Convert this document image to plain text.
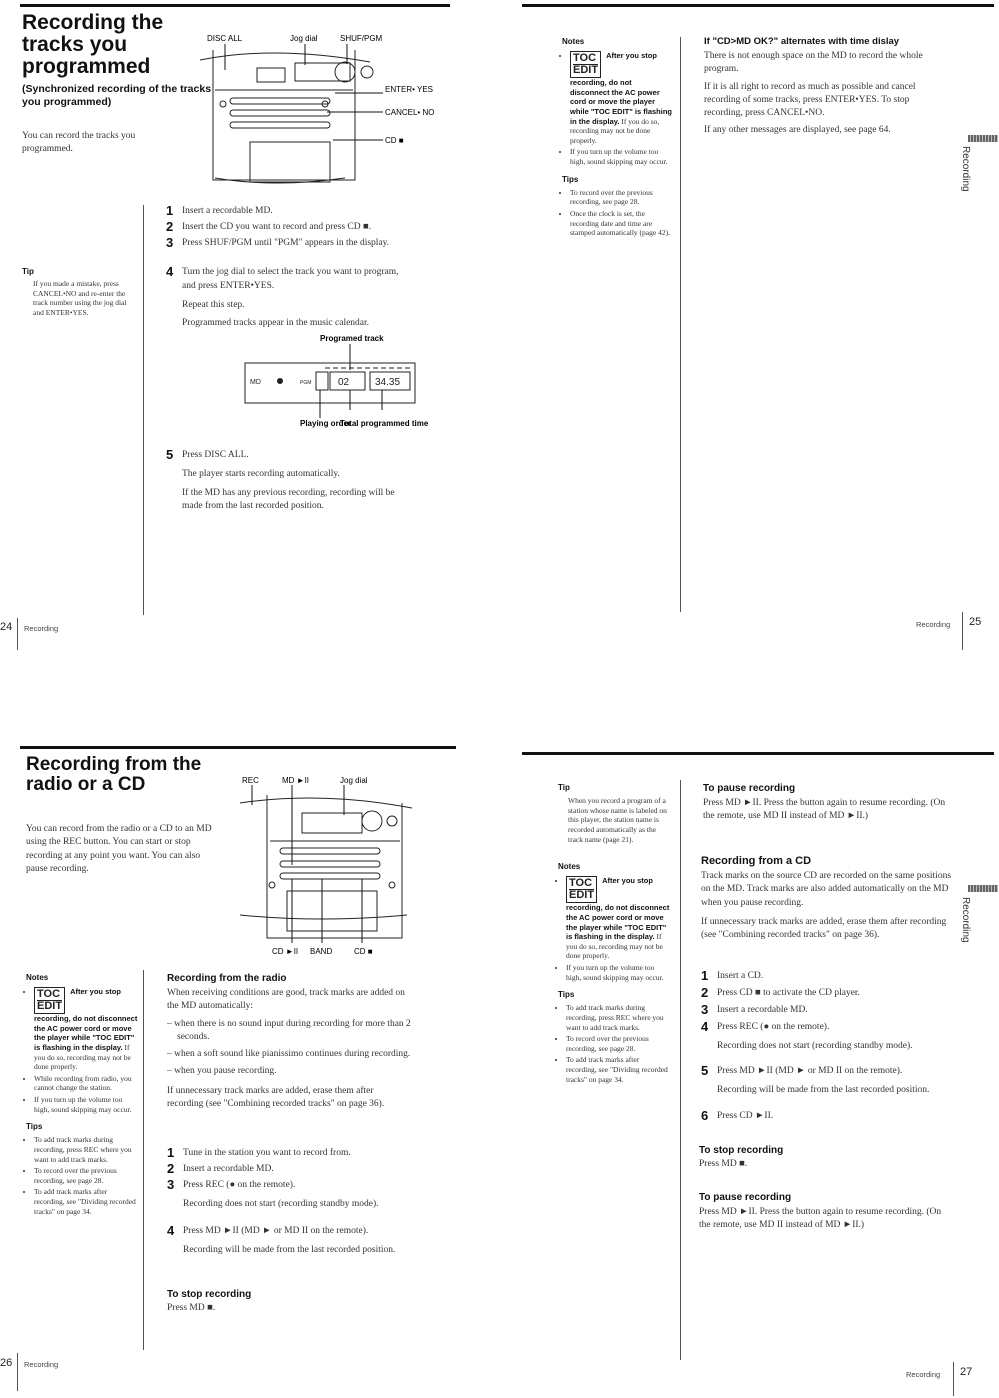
Recording the tracks you programmed
(Synchronized recording of the tracks you programmed)
You can record the tracks you programmed.
DISC ALL	Jog dial	SHUF/PGM
ENTER• YES
CANCEL• NO
CD ■
Tip
If you made a mistake, press CANCEL•NO and re-enter the track number using the jog dial and ENTER•YES.
1 Insert a recordable MD.

2 Insert the CD you want to record and press CD ■.

3 Press SHUF/PGM until "PGM" appears in the display.

4 Turn the jog dial to select the track you want to program, and press ENTER•YES.

Repeat this step.

Programmed tracks appear in the music calendar.

Programed track
MD	PGM	02	34.35
Playing order
Total programmed time
5 Press DISC ALL.

The player starts recording automatically.

If the MD has any previous recording, recording will be made from the last recorded position.

24 Recording
Notes
• TOC
EDIT
After you stop recording, do not disconnect the AC power cord or move the player while "TOC EDIT" is flashing in the display. If you do so, recording may not be done properly.
• If you turn up the volume too high, sound skipping may occur.
Tips
• To record over the previous recording, see page 28.
• Once the clock is set, the recording date and time are stamped automatically (page 42).
If "CD>MD OK?" alternates with time dislay
There is not enough space on the MD to record the whole program.
If it is all right to record as much as possible and cancel recording of some tracks, press ENTER•YES. To stop recording, press CANCEL•NO.
If any other messages are displayed, see page 64.
Recording
Recording 25
Recording from the radio or a CD
You can record from the radio or a CD to an MD using the REC button. You can start or stop recording at any point you want. You can also pause recording.
REC	MD ►II	Jog dial
CD ►II BAND	CD ■
Notes
• TOC
EDIT
After you stop recording, do not disconnect the AC power cord or move the player while "TOC EDIT" is flashing in the display. If you do so, recording may not be done properly.
• While recording from radio, you cannot change the station.
• If you turn up the volume too high, sound skipping may occur.
Tips
• To add track marks during recording, press REC where you want to add track marks.
• To record over the previous recording, see page 28.
• To add track marks after recording, see "Dividing recorded tracks" on page 34.
Recording from the radio
When receiving conditions are good, track marks are added on the MD automatically:
– when there is no sound input during recording for more than 2 seconds.
– when a soft sound like pianissimo continues during recording.
– when you pause recording.
If unnecessary track marks are added, erase them after recording (see "Combining recorded tracks" on page 36).
1 Tune in the station you want to record from.

2 Insert a recordable MD.

3 Press REC (● on the remote).

Recording does not start (recording standby mode).

4 Press MD ►II (MD ► or MD II on the remote).

Recording will be made from the last recorded position.

To stop recording
Press MD ■.
26 Recording
Tip
When you record a program of a station whose name is labeled on this player, the station name is recorded automatically as the track name (page 21).
Notes
• TOC
EDIT
After you stop recording, do not disconnect the AC power cord or move the player while "TOC EDIT" is flashing in the display. If you do so, recording may not be done properly.
• If you turn up the volume too high, sound skipping may occur.
Tips
• To add track marks during recording, press REC where you want to add track marks.
• To record over the previous recording, see page 28.
• To add track marks after recording, see "Dividing recorded tracks" on page 34.
To pause recording
Press MD ►II. Press the button again to resume recording. (On the remote, use MD II instead of MD ►II.)
Recording from a CD
Track marks on the source CD are recorded on the same positions on the MD. Track marks are also added automatically on the MD when you pause recording.
If unnecessary track marks are added, erase them after recording (see "Combining recorded tracks" on page 36).
1 Insert a CD.

2 Press CD ■ to activate the CD player.

3 Insert a recordable MD.

4 Press REC (● on the remote).

Recording does not start (recording standby mode).

5 Press MD ►II (MD ► or MD II on the remote).

Recording will be made from the last recorded position.

6 Press CD ►II.

To stop recording
Press MD ■.
To pause recording
Press MD ►II. Press the button again to resume recording. (On the remote, use MD II instead of MD ►II.)
Recording
Recording 27
